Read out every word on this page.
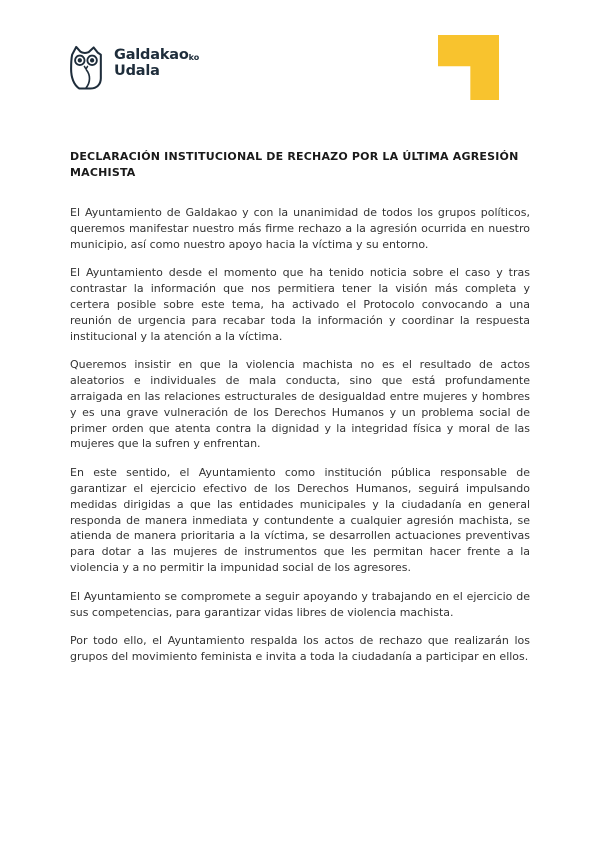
Galdakaoko
Udala
DECLARACIÓN INSTITUCIONAL DE RECHAZO POR LA ÚLTIMA AGRESIÓN MACHISTA

El Ayuntamiento de Galdakao y con la unanimidad de todos los grupos políticos, queremos manifestar nuestro más firme rechazo a la agresión ocurrida en nuestro municipio, así como nuestro apoyo hacia la víctima y su entorno.

El Ayuntamiento desde el momento que ha tenido noticia sobre el caso y tras contrastar la información que nos permitiera tener la visión más completa y certera posible sobre este tema, ha activado el Protocolo convocando a una reunión de urgencia para recabar toda la información y coordinar la respuesta institucional y la atención a la víctima.

Queremos insistir en que la violencia machista no es el resultado de actos aleatorios e individuales de mala conducta, sino que está profundamente arraigada en las relaciones estructurales de desigualdad entre mujeres y hombres y es una grave vulneración de los Derechos Humanos y un problema social de primer orden que atenta contra la dignidad y la integridad física y moral de las mujeres que la sufren y enfrentan.

En este sentido, el Ayuntamiento como institución pública responsable de garantizar el ejercicio efectivo de los Derechos Humanos, seguirá impulsando medidas dirigidas a que las entidades municipales y la ciudadanía en general responda de manera inmediata y contundente a cualquier agresión machista, se atienda de manera prioritaria a la víctima, se desarrollen actuaciones preventivas para dotar a las mujeres de instrumentos que les permitan hacer frente a la violencia y a no permitir la impunidad social de los agresores.

El Ayuntamiento se compromete a seguir apoyando y trabajando en el ejercicio de sus competencias, para garantizar vidas libres de violencia machista.

Por todo ello, el Ayuntamiento respalda los actos de rechazo que realizarán los grupos del movimiento feminista e invita a toda la ciudadanía a participar en ellos.
